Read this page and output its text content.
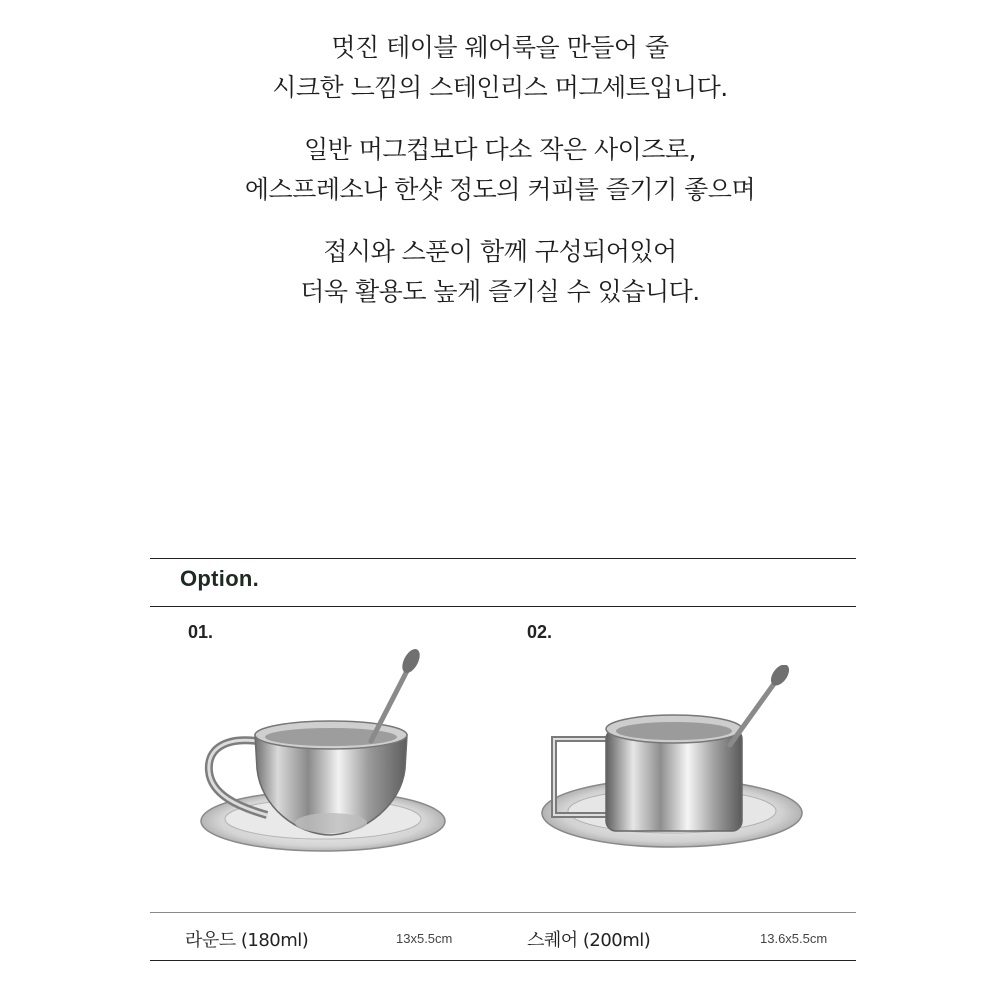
멋진 테이블 웨어룩을 만들어 줄
시크한 느낌의 스테인리스 머그세트입니다.

일반 머그컵보다 다소 작은 사이즈로,
에스프레소나 한샷 정도의 커피를 즐기기 좋으며

접시와 스푼이 함께 구성되어있어
더욱 활용도 높게 즐기실 수 있습니다.

Option.
01.	02.
라운드 (180ml)	13x5.5cm	스퀘어 (200ml)	13.6x5.5cm
